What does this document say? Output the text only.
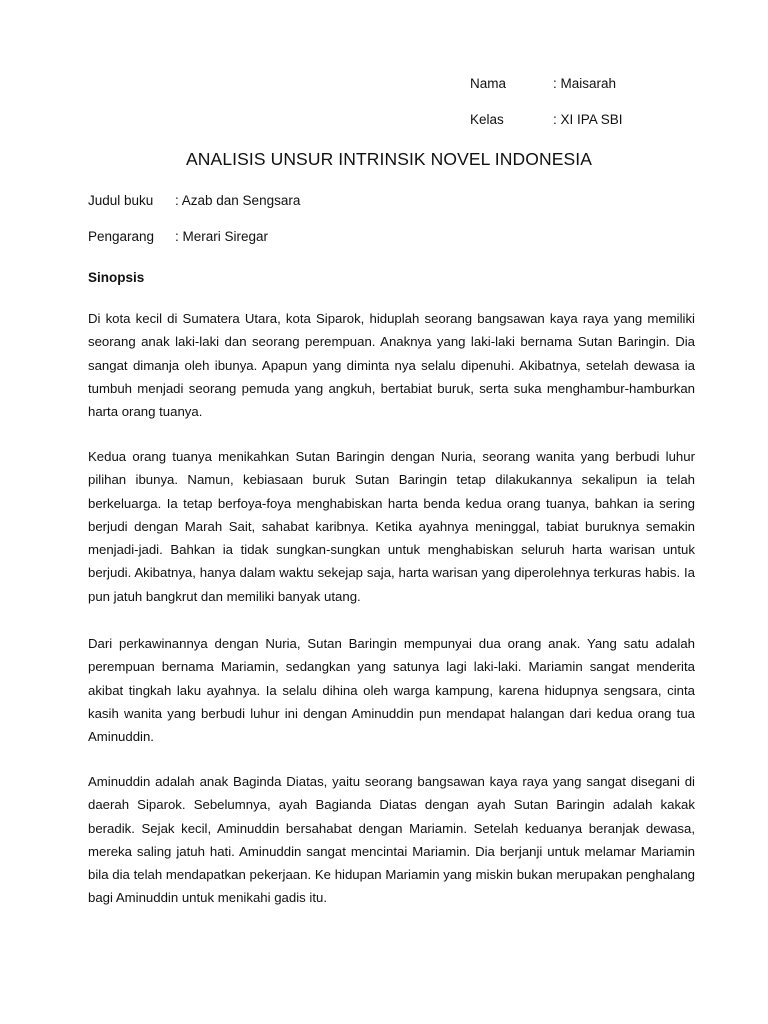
Nama	: Maisarah
Kelas	: XI IPA SBI
ANALISIS UNSUR INTRINSIK NOVEL INDONESIA
Judul buku	: Azab dan Sengsara
Pengarang	: Merari Siregar
Sinopsis

Di kota kecil di Sumatera Utara, kota Siparok, hiduplah seorang bangsawan kaya raya yang memiliki seorang anak laki-laki dan seorang perempuan. Anaknya yang laki-laki bernama Sutan Baringin. Dia sangat dimanja oleh ibunya. Apapun yang diminta nya selalu dipenuhi. Akibatnya, setelah dewasa ia tumbuh menjadi seorang pemuda yang angkuh, bertabiat buruk, serta suka menghambur-hamburkan harta orang tuanya.

Kedua orang tuanya menikahkan Sutan Baringin dengan Nuria, seorang wanita yang berbudi luhur pilihan ibunya. Namun, kebiasaan buruk Sutan Baringin tetap dilakukannya sekalipun ia telah berkeluarga. Ia tetap berfoya-foya menghabiskan harta benda kedua orang tuanya, bahkan ia sering berjudi dengan Marah Sait, sahabat karibnya. Ketika ayahnya meninggal, tabiat buruknya semakin menjadi-jadi. Bahkan ia tidak sungkan-sungkan untuk menghabiskan seluruh harta warisan untuk berjudi. Akibatnya, hanya dalam waktu sekejap saja, harta warisan yang diperolehnya terkuras habis. Ia pun jatuh bangkrut dan memiliki banyak utang.

Dari perkawinannya dengan Nuria, Sutan Baringin mempunyai dua orang anak. Yang satu adalah perempuan bernama Mariamin, sedangkan yang satunya lagi laki-laki. Mariamin sangat menderita akibat tingkah laku ayahnya. Ia selalu dihina oleh warga kampung, karena hidupnya sengsara, cinta kasih wanita yang berbudi luhur ini dengan Aminuddin pun mendapat halangan dari kedua orang tua Aminuddin.

Aminuddin adalah anak Baginda Diatas, yaitu seorang bangsawan kaya raya yang sangat disegani di daerah Siparok. Sebelumnya, ayah Bagianda Diatas dengan ayah Sutan Baringin adalah kakak beradik. Sejak kecil, Aminuddin bersahabat dengan Mariamin. Setelah keduanya beranjak dewasa, mereka saling jatuh hati. Aminuddin sangat mencintai Mariamin. Dia berjanji untuk melamar Mariamin bila dia telah mendapatkan pekerjaan. Ke hidupan Mariamin yang miskin bukan merupakan penghalang bagi Aminuddin untuk menikahi gadis itu.
